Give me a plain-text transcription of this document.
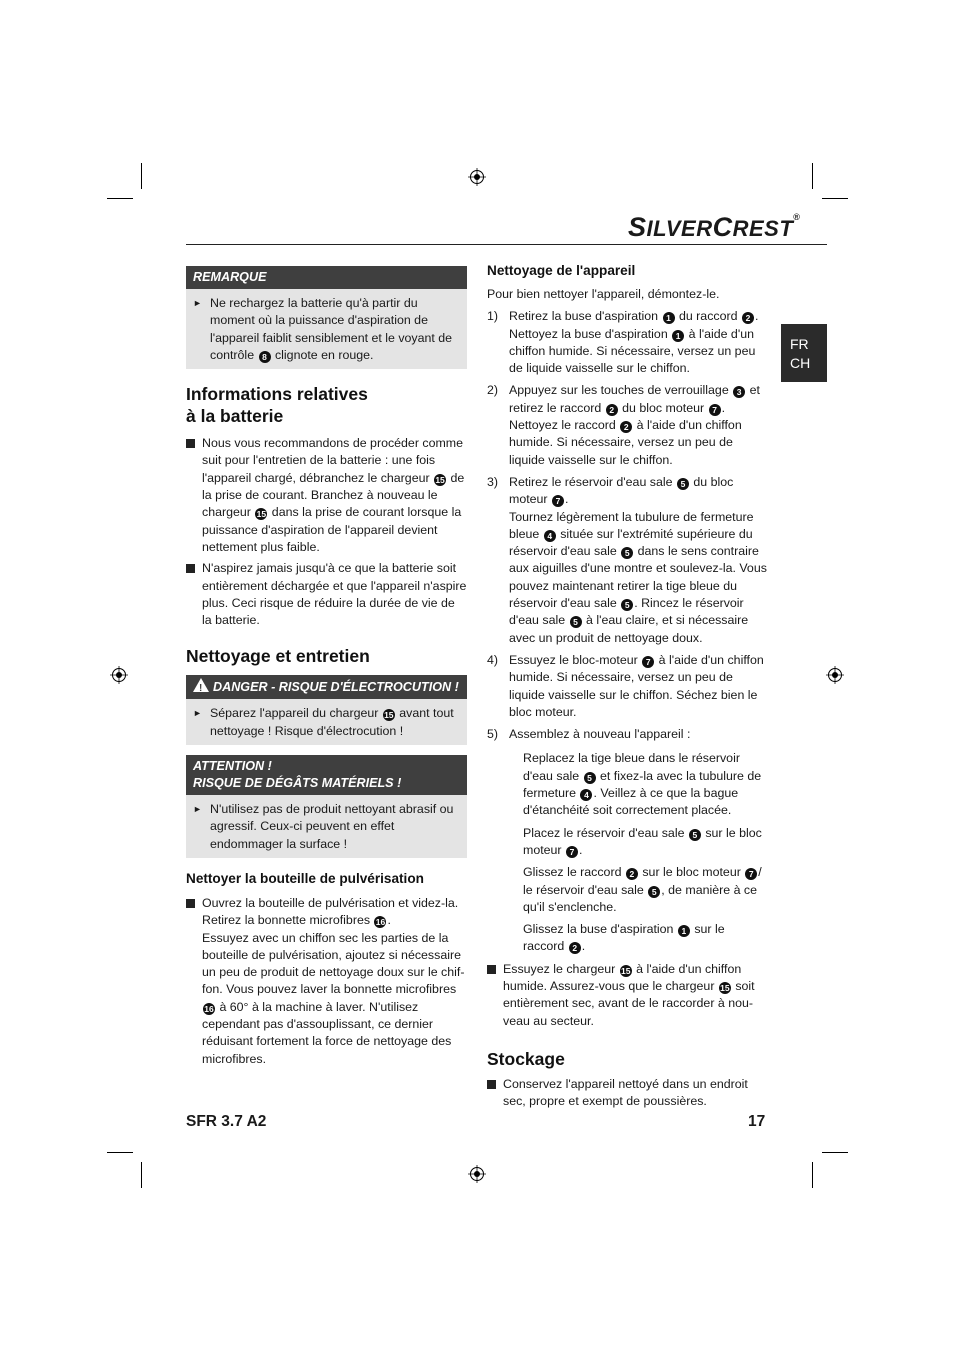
SILVERCREST®
FR
CH
REMARQUE
► Ne rechargez la batterie qu'à partir du moment où la puissance d'aspiration de l'appareil faiblit sensiblement et le voyant de contrôle 8 clignote en rouge.
Informations relatives
à la batterie
Nous vous recommandons de procéder comme suit pour l'entretien de la batterie : une fois l'appareil chargé, débranchez le chargeur 15 de la prise de courant. Branchez à nouveau le chargeur 15 dans la prise de courant lorsque la puissance d'aspiration de l'appareil devient nettement plus faible.
N'aspirez jamais jusqu'à ce que la batterie soit entièrement déchargée et que l'appareil n'aspire plus. Ceci risque de réduire la durée de vie de la batterie.
Nettoyage et entretien
!DANGER - RISQUE D'ÉLECTROCUTION !
► Séparez l'appareil du chargeur 15 avant tout nettoyage ! Risque d'électrocution !
ATTENTION !
RISQUE DE DÉGÂTS MATÉRIELS !
► N'utilisez pas de produit nettoyant abrasif ou agressif. Ceux-ci peuvent en effet endommager la surface !
Nettoyer la bouteille de pulvérisation
Ouvrez la bouteille de pulvérisation et videz-la. Retirez la bonnette microfibres 16 .
Essuyez avec un chiffon sec les parties de la bouteille de pulvérisation, ajoutez si nécessaire un peu de produit de nettoyage doux sur le chif-fon. Vous pouvez laver la bonnette microfibres 16 à 60° à la machine à laver. N'utilisez cependant pas d'assouplissant, ce dernier réduisant fortement la force de nettoyage des microfibres.
Nettoyage de l'appareil
Pour bien nettoyer l'appareil, démontez-le.
1) Retirez la buse d'aspiration 1 du raccord 2 . Nettoyez la buse d'aspiration 1 à l'aide d'un chiffon humide. Si nécessaire, versez un peu de liquide vaisselle sur le chiffon.
2) Appuyez sur les touches de verrouillage 3 et retirez le raccord 2 du bloc moteur 7 . Nettoyez le raccord 2 à l'aide d'un chiffon humide. Si nécessaire, versez un peu de liquide vaisselle sur le chiffon.
3) Retirez le réservoir d'eau sale 5 du bloc moteur 7 .
Tournez légèrement la tubulure de fermeture bleue 4 située sur l'extrémité supérieure du réservoir d'eau sale 5 dans le sens contraire aux aiguilles d'une montre et soulevez-la. Vous pouvez maintenant retirer la tige bleue du réservoir d'eau sale 5 . Rincez le réservoir d'eau sale 5 à l'eau claire, et si nécessaire avec un produit de nettoyage doux.
4) Essuyez le bloc-moteur 7 à l'aide d'un chiffon humide. Si nécessaire, versez un peu de liquide vaisselle sur le chiffon. Séchez bien le bloc moteur.
5) Assemblez à nouveau l'appareil :
Replacez la tige bleue dans le réservoir d'eau sale 5 et fixez-la avec la tubulure de fermeture 4 . Veillez à ce que la bague d'étanchéité soit correctement placée.
Placez le réservoir d'eau sale 5 sur le bloc moteur 7 .
Glissez le raccord 2 sur le bloc moteur 7 / le réservoir d'eau sale 5 , de manière à ce qu'il s'enclenche.
Glissez la buse d'aspiration 1 sur le raccord 2 .
Essuyez le chargeur 15 à l'aide d'un chiffon humide. Assurez-vous que le chargeur 15 soit entièrement sec, avant de le raccorder à nou-veau au secteur.
Stockage
Conservez l'appareil nettoyé dans un endroit sec, propre et exempt de poussières.
SFR 3.7 A2	17
